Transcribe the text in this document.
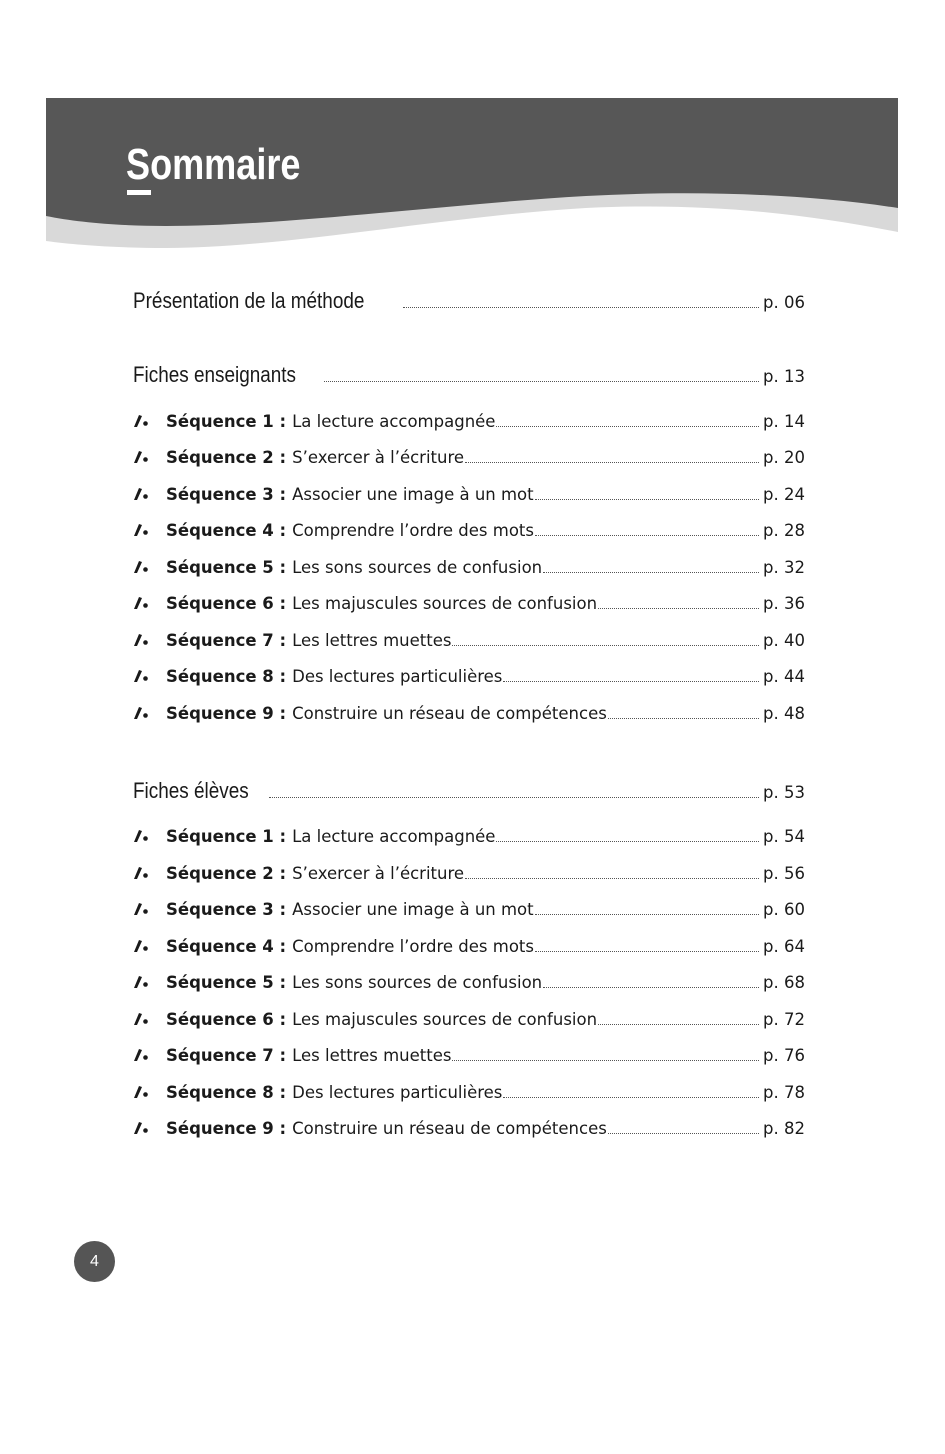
Sommaire
Présentation de la méthode	p. 06
Fiches enseignants	p. 13
Séquence 1 : La lecture accompagnée	p. 14
Séquence 2 : S’exercer à l’écriture	p. 20
Séquence 3 : Associer une image à un mot	p. 24
Séquence 4 : Comprendre l’ordre des mots	p. 28
Séquence 5 : Les sons sources de confusion	p. 32
Séquence 6 : Les majuscules sources de confusion	p. 36
Séquence 7 : Les lettres muettes	p. 40
Séquence 8 : Des lectures particulières	p. 44
Séquence 9 : Construire un réseau de compétences	p. 48
Fiches élèves	p. 53
Séquence 1 : La lecture accompagnée	p. 54
Séquence 2 : S’exercer à l’écriture	p. 56
Séquence 3 : Associer une image à un mot	p. 60
Séquence 4 : Comprendre l’ordre des mots	p. 64
Séquence 5 : Les sons sources de confusion	p. 68
Séquence 6 : Les majuscules sources de confusion	p. 72
Séquence 7 : Les lettres muettes	p. 76
Séquence 8 : Des lectures particulières	p. 78
Séquence 9 : Construire un réseau de compétences	p. 82
4
